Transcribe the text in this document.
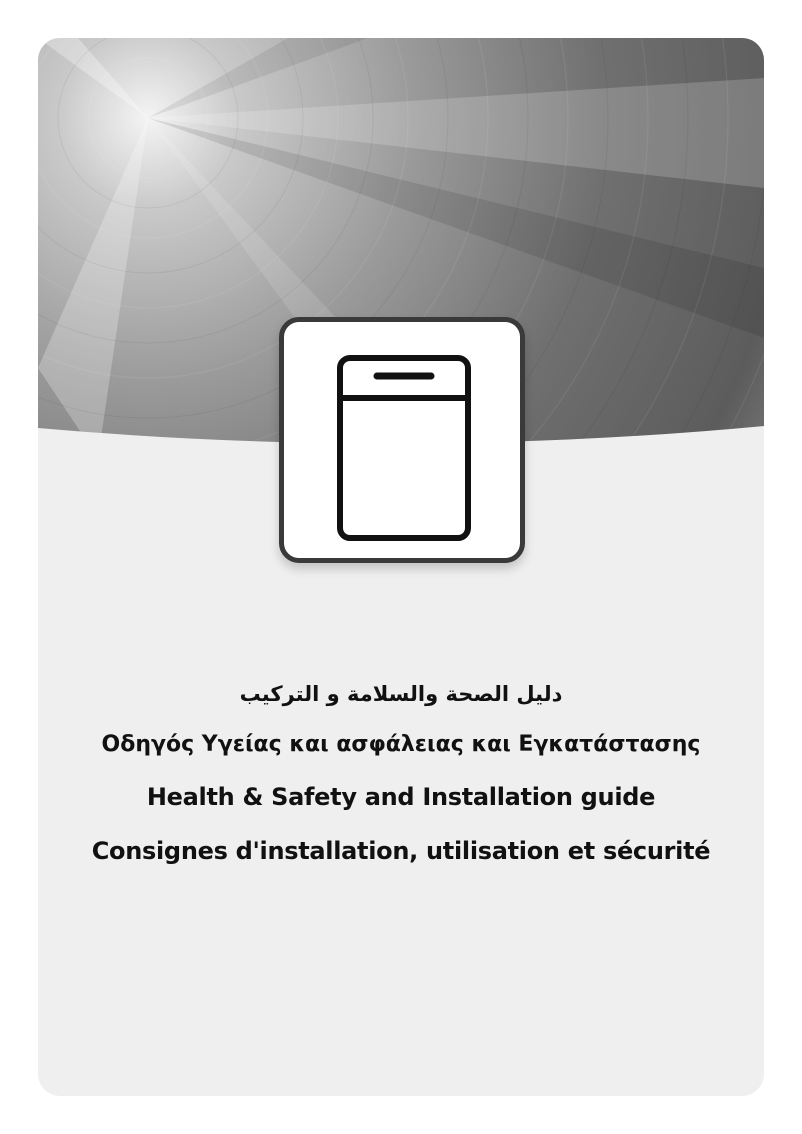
دليل الصحة والسلامة و التركيب
Οδηγός Υγείας και ασφάλειας και Εγκατάστασης
Health & Safety and Installation guide
Consignes d'installation, utilisation et sécurité
